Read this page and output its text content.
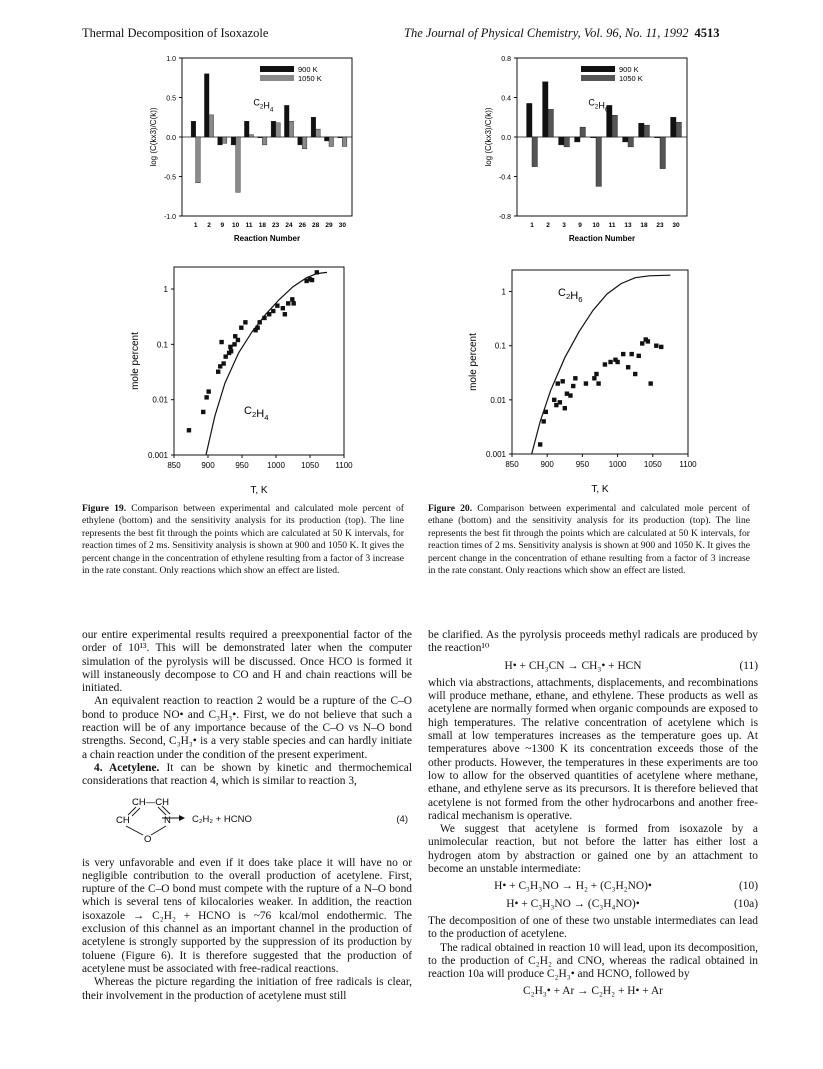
Thermal Decomposition of Isoxazole	The Journal of Physical Chemistry, Vol. 96, No. 11, 1992 4513
1.0
0.5
0.0
-0.5
-1.0
1 2 9 10 11 18 23 24 26 28 29 30
900 K
1050 K
$C_2H_4$
Reaction Number
log (C(kx3)/C(k))
0.8
0.4
0.0
-0.4
-0.8
1 2 3 9 10 11 13 18 23 30
900 K
1050 K
$C_2H_6$
Reaction Number
log (C(kx3)/C(k))
850	900	950 1000 1050 1100
1
0.1
0.01
0.001
$C_2H_4$
T, K
mole percent
850	900	950 1000 1050 1100
1
0.1
0.01
0.001
$C_2H_6$
T, K
mole percent
Figure 19. Comparison between experimental and calculated mole percent of ethylene (bottom) and the sensitivity analysis for its production (top). The line represents the best fit through the points which are calculated at 50 K intervals, for reaction times of 2 ms. Sensitivity analysis is shown at 900 and 1050 K. It gives the percent change in the concentration of ethylene resulting from a factor of 3 increase in the rate constant. Only reactions which show an effect are listed.
Figure 20. Comparison between experimental and calculated mole percent of ethane (bottom) and the sensitivity analysis for its production (top). The line represents the best fit through the points which are calculated at 50 K intervals, for reaction times of 2 ms. Sensitivity analysis is shown at 900 and 1050 K. It gives the percent change in the concentration of ethane resulting from a factor of 3 increase in the rate constant. Only reactions which show an effect are listed.

our entire experimental results required a preexponential factor of the order of 10¹³. This will be demonstrated later when the computer simulation of the pyrolysis will be discussed. Once HCO is formed it will instaneously decompose to CO and H and chain reactions will be initiated.

An equivalent reaction to reaction 2 would be a rupture of the C–O bond to produce NO• and C₃H₃•. First, we do not believe that such a reaction will be of any importance because of the C–O vs N–O bond strengths. Second, C₃H₃• is a very stable species and can hardly initiate a chain reaction under the condition of the present experiment.

4. Acetylene. It can be shown by kinetic and thermochemical considerations that reaction 4, which is similar to reaction 3,

CH—CH
CH	N
O
→ C₂H₂ + HCNO	(4)

is very unfavorable and even if it does take place it will have no or negligible contribution to the overall production of acetylene. First, rupture of the C–O bond must compete with the rupture of a N–O bond which is several tens of kilocalories weaker. In addition, the reaction isoxazole → C₂H₂ + HCNO is ~76 kcal/mol endothermic. The exclusion of this channel as an important channel in the production of acetylene is strongly supported by the suppression of its production by toluene (Figure 6). It is therefore suggested that the production of acetylene must be associated with free-radical reactions.

Whereas the picture regarding the initiation of free radicals is clear, their involvement in the production of acetylene must still

be clarified. As the pyrolysis proceeds methyl radicals are produced by the reaction¹⁰

H• + CH₃CN → CH₃• + HCN	(11)

which via abstractions, attachments, displacements, and recombinations will produce methane, ethane, and ethylene. These products as well as acetylene are normally formed when organic compounds are exposed to high temperatures. The relative concentration of acetylene which is small at low temperatures increases as the temperature goes up. At temperatures above ~1300 K its concentration exceeds those of the other products. However, the temperatures in these experiments are too low to allow for the observed quantities of acetylene where methane, ethane, and ethylene serve as its precursors. It is therefore believed that acetylene is not formed from the other hydrocarbons and another free-radical mechanism is operative.

We suggest that acetylene is formed from isoxazole by a unimolecular reaction, but not before the latter has either lost a hydrogen atom by abstraction or gained one by an attachment to become an unstable intermediate:

H• + C₃H₃NO → H₂ + (C₃H₂NO)•	(10)
H• + C₃H₃NO → (C₃H₄NO)•	(10a)

The decomposition of one of these two unstable intermediates can lead to the production of acetylene.

The radical obtained in reaction 10 will lead, upon its decomposition, to the production of C₂H₂ and CNO, whereas the radical obtained in reaction 10a will produce C₂H₃• and HCNO, followed by

C₂H₃• + Ar → C₂H₂ + H• + Ar
